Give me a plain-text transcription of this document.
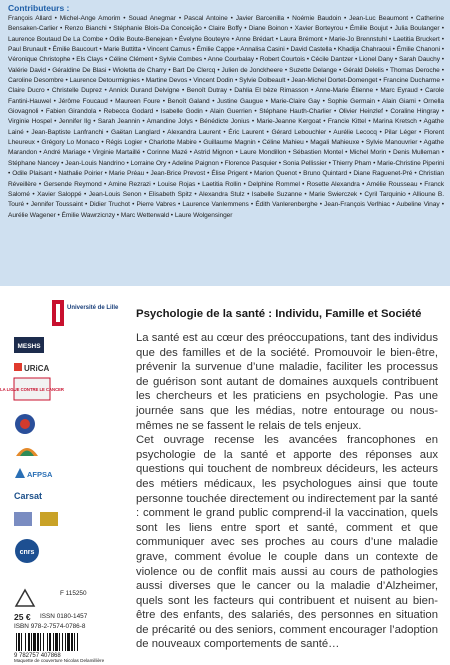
Contributeurs :
François Allard • Michel-Ange Amorim • Souad Anegmar • Pascal Antoine • Javier Barcenilla • Noémie Baudoin • Jean-Luc Beaumont • Catherine Bensaken-Carlier • Renzo Bianchi • Stéphanie Blois-Da Conceição • Claire Boffy • Diane Boinon • Xavier Borteyrou • Émilie Boujut • Julia Boulanger • Laurence Boutaud De La Combe • Odile Boute-Benejean • Évelyne Bouteyre • Anne Brédart • Laura Brémont • Marie-Jo Brennstuhl • Laetitia Bruckert • Paul Brunault • Émilie Baucourt • Marie Buttitta • Vincent Camus • Émilie Cappe • Annalisa Casini • David Castella • Khadija Chahraoui • Émilie Chanoni • Véronique Christophe • Els Clays • Céline Clément • Sylvie Combes • Anne Courbalay • Robert Courtois • Cécile Dantzer • Lionel Dany • Sarah Dauchy • Valérie David • Géraldine De Blasi • Wioletta de Charry • Bart De Clercq • Julien de Jonckheere • Suzette Delange • Gérald Delelis • Thomas Deroche • Caroline Desombre • Laurence Detourmignies • Martine Devos • Vincent Dodin • Sylvie Dolbeault • Jean-Michel Dortet-Domenget • Francine Ducharme • Claire Ducro • Christelle Duprez • Annick Durand Delvigne • Benoît Dutray • Dahlia El bèze Rimasson • Anne-Marie Étienne • Marc Eyraud • Carole Fantini-Hauwel • Jérôme Foucaud • Maureen Foure • Benoît Galand • Justine Gaugue • Marie-Claire Gay • Sophie Germain • Alain Giami • Ornella Giovagnoli • Fabien Girandola • Rebecca Godard • Isabelle Godin • Alain Guerrien • Stéphane Hauth-Charlier • Olivier Heinzlef • Coraline Hingray • Virginie Hospel • Jennifer Ilg • Sarah Jeannin • Amandine Jolys • Bénédicte Jonius • Marie-Jeanne Kergoat • Francie Kittel • Marina Kretsch • Agathe Lainé • Jean-Baptiste Lanfranchi • Gaëtan Langlard • Alexandra Laurent • Éric Laurent • Gérard Lebouchler • Aurélie Lecocq • Pilar Léger • Florent Lheureux • Grégory Lo Monaco • Régis Logier • Charlotte Mabire • Guillaume Magnin • Céline Mahieu • Magali Mahieuxe • Sylvie Manouvrier • Agathe Marandon • André Mariage • Virginie Martaillé • Corinne Mazé • Astrid Mignon • Laure Mondillon • Sébastien Montel • Michel Morin • Denis Mulleman • Stéphane Nancey • Jean-Louis Nandrino • Lorraine Ory • Adeline Paignon • Florence Pasquier • Sonia Pellissier • Thierry Pham • Marie-Christine Piperini • Odile Plaisant • Nathalie Poirier • Marie Préau • Jean-Brice Prevost • Élise Prigent • Marion Quenot • Bruno Quintard • Diane Raguenet-Pré • Christian Réveillère • Gersende Reymond • Amine Rezrazi • Louise Rojas • Laetitia Rollin • Delphine Rommel • Rosette Alexandra • Amélie Rousseau • Franck Salomé • Xavier Saloppé • Jean-Louis Senon • Elisabeth Spitz • Alexandra Stulz • Isabelle Suzanne • Marie Swierczek • Cyril Tarquinio • Allioune B. Touré • Jennifer Toussaint • Didier Truchot • Pierre Vabres • Laurence Vanlemmens • Édith Vanlerenberghe • Jean-François Verlhiac • Aubeline Vinay • Aurélie Wagener • Émilie Wawrzicnzy • Marc Wetterwald • Laure Wolgensinger
Université de Lille
MESHS
URiCA
LA LIGUE CONTRE LE CANCER
AFPSA
Carsat
cnrs
F 115250
25 € ISSN 0180-1457
ISBN 978-2-7574-0786-8
9 782757 407868
Maquette de couverture Nicolas Delamillière
Psychologie de la santé : Individu, Famille et Société

La santé est au cœur des préoccupations, tant des individus que des familles et de la société. Promouvoir le bien-être, prévenir la survenue d’une maladie, faciliter les processus de guérison sont autant de domaines auxquels contribuent les chercheurs et les praticiens en psychologie. Pas une journée sans que les médias, notre entourage ou nous-mêmes ne se fassent le relais de tels enjeux.

Cet ouvrage recense les avancées francophones en psychologie de la santé et apporte des réponses aux questions qui touchent de nombreux décideurs, les acteurs des métiers médicaux, les psychologues ainsi que toute personne touchée directement ou indirectement par la santé : comment le grand public comprend-il la vaccination, quels sont les liens entre sport et santé, comment et que communiquer avec ses proches au cours d’une maladie grave, comment évolue le couple dans un contexte de violence ou de conflit mais aussi au cours de pathologies aussi diverses que le cancer ou la maladie d’Alzheimer, quels sont les facteurs qui contribuent et nuisent au bien-être des enfants, des salariés, des personnes en situation de précarité ou des seniors, comment encourager l’adoption de nouveaux comportements de santé…
